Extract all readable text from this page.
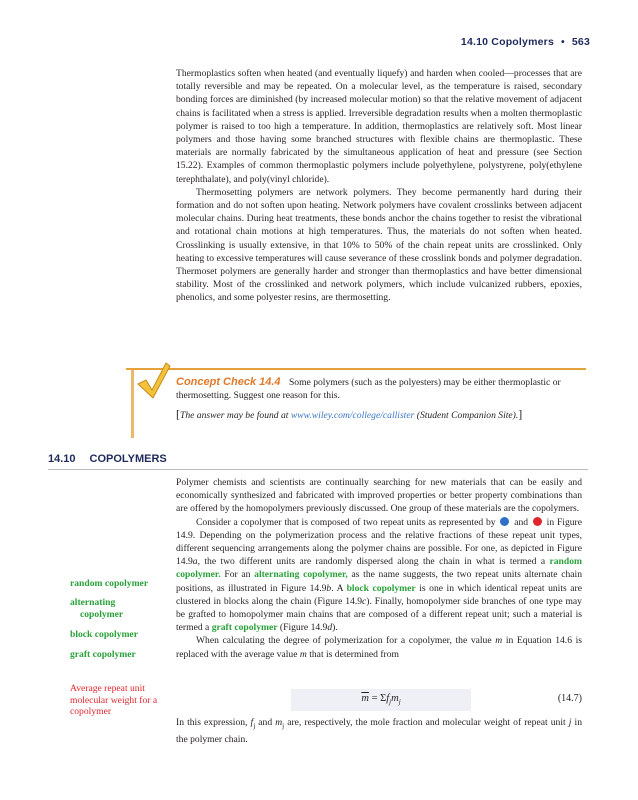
14.10 Copolymers • 563

Thermoplastics soften when heated (and eventually liquefy) and harden when cooled—processes that are totally reversible and may be repeated. On a molecular level, as the temperature is raised, secondary bonding forces are diminished (by increased molecular motion) so that the relative movement of adjacent chains is facilitated when a stress is applied. Irreversible degradation results when a molten thermoplastic polymer is raised to too high a temperature. In addition, thermoplastics are relatively soft. Most linear polymers and those having some branched structures with flexible chains are thermoplastic. These materials are normally fabricated by the simultaneous application of heat and pressure (see Section 15.22). Examples of common thermoplastic polymers include polyethylene, polystyrene, poly(ethylene terephthalate), and poly(vinyl chloride).

Thermosetting polymers are network polymers. They become permanently hard during their formation and do not soften upon heating. Network polymers have covalent crosslinks between adjacent molecular chains. During heat treatments, these bonds anchor the chains together to resist the vibrational and rotational chain motions at high temperatures. Thus, the materials do not soften when heated. Crosslinking is usually extensive, in that 10% to 50% of the chain repeat units are crosslinked. Only heating to excessive temperatures will cause severance of these crosslink bonds and polymer degradation. Thermoset polymers are generally harder and stronger than thermoplastics and have better dimensional stability. Most of the crosslinked and network polymers, which include vulcanized rubbers, epoxies, phenolics, and some polyester resins, are thermosetting.

Concept Check 14.4 Some polymers (such as the polyesters) may be either thermoplastic or thermosetting. Suggest one reason for this.
[The answer may be found at www.wiley.com/college/callister (Student Companion Site).]
14.10 COPOLYMERS

Polymer chemists and scientists are continually searching for new materials that can be easily and economically synthesized and fabricated with improved properties or better property combinations than are offered by the homopolymers previously discussed. One group of these materials are the copolymers.

Consider a copolymer that is composed of two repeat units as represented by and in Figure 14.9. Depending on the polymerization process and the relative fractions of these repeat unit types, different sequencing arrangements along the polymer chains are possible. For one, as depicted in Figure 14.9a, the two different units are randomly dispersed along the chain in what is termed a random copolymer. For an alternating copolymer, as the name suggests, the two repeat units alternate chain positions, as illustrated in Figure 14.9b. A block copolymer is one in which identical repeat units are clustered in blocks along the chain (Figure 14.9c). Finally, homopolymer side branches of one type may be grafted to homopolymer main chains that are composed of a different repeat unit; such a material is termed a graft copolymer (Figure 14.9d).

When calculating the degree of polymerization for a copolymer, the value m in Equation 14.6 is replaced with the average value m that is determined from

random copolymer
alternating
copolymer
block copolymer
graft copolymer
Average repeat unit molecular weight for a copolymer
$\overline{m} = \Sigma f_jm_j$	(14.7)

In this expression, $f_j$ and $m_j$ are, respectively, the mole fraction and molecular weight of repeat unit j in the polymer chain.
